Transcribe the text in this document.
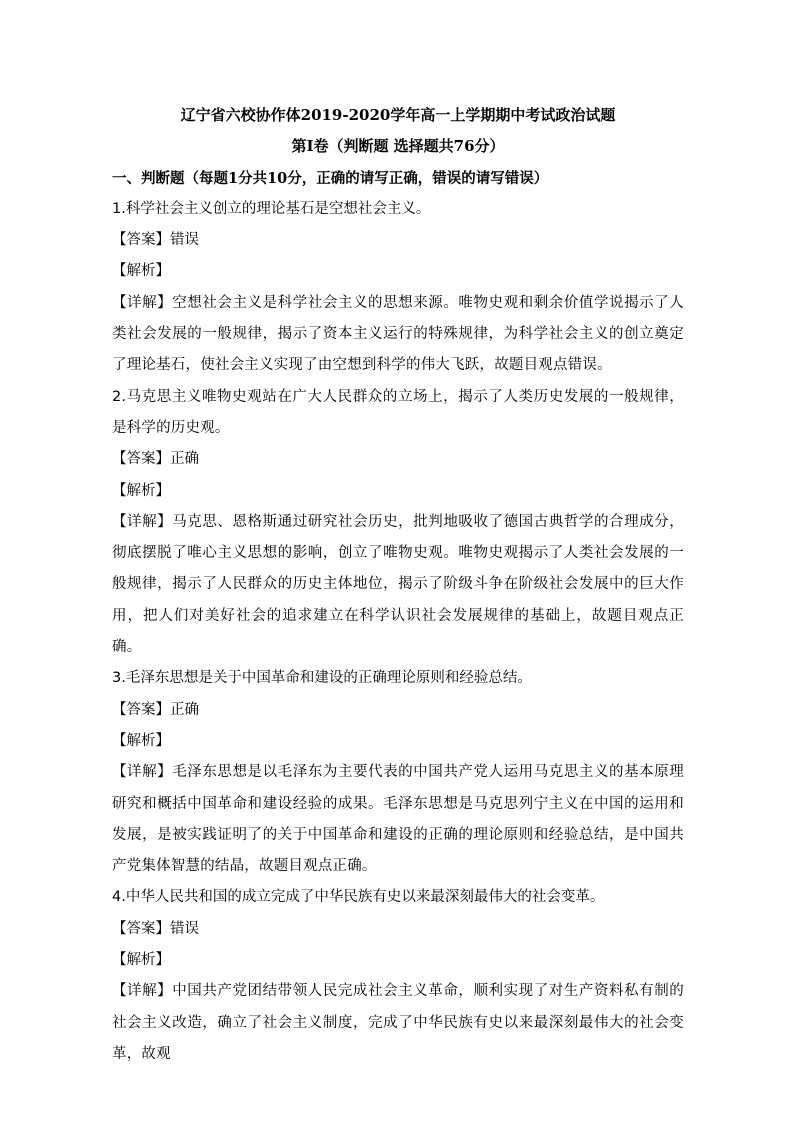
辽宁省六校协作体2019-2020学年高一上学期期中考试政治试题
第Ⅰ卷（判断题 选择题共76分）
一、判断题（每题1分共10分，正确的请写正确，错误的请写错误）
1.科学社会主义创立的理论基石是空想社会主义。
【答案】错误
【解析】
【详解】空想社会主义是科学社会主义的思想来源。唯物史观和剩余价值学说揭示了人类社会发展的一般规律，揭示了资本主义运行的特殊规律，为科学社会主义的创立奠定了理论基石，使社会主义实现了由空想到科学的伟大飞跃，故题目观点错误。
2.马克思主义唯物史观站在广大人民群众的立场上，揭示了人类历史发展的一般规律，是科学的历史观。
【答案】正确
【解析】
【详解】马克思、恩格斯通过研究社会历史，批判地吸收了德国古典哲学的合理成分，彻底摆脱了唯心主义思想的影响，创立了唯物史观。唯物史观揭示了人类社会发展的一般规律，揭示了人民群众的历史主体地位，揭示了阶级斗争在阶级社会发展中的巨大作用，把人们对美好社会的追求建立在科学认识社会发展规律的基础上，故题目观点正确。
3.毛泽东思想是关于中国革命和建设的正确理论原则和经验总结。
【答案】正确
【解析】
【详解】毛泽东思想是以毛泽东为主要代表的中国共产党人运用马克思主义的基本原理研究和概括中国革命和建设经验的成果。毛泽东思想是马克思列宁主义在中国的运用和发展，是被实践证明了的关于中国革命和建设的正确的理论原则和经验总结，是中国共产党集体智慧的结晶，故题目观点正确。
4.中华人民共和国的成立完成了中华民族有史以来最深刻最伟大的社会变革。
【答案】错误
【解析】
【详解】中国共产党团结带领人民完成社会主义革命，顺利实现了对生产资料私有制的社会主义改造，确立了社会主义制度，完成了中华民族有史以来最深刻最伟大的社会变革，故观
